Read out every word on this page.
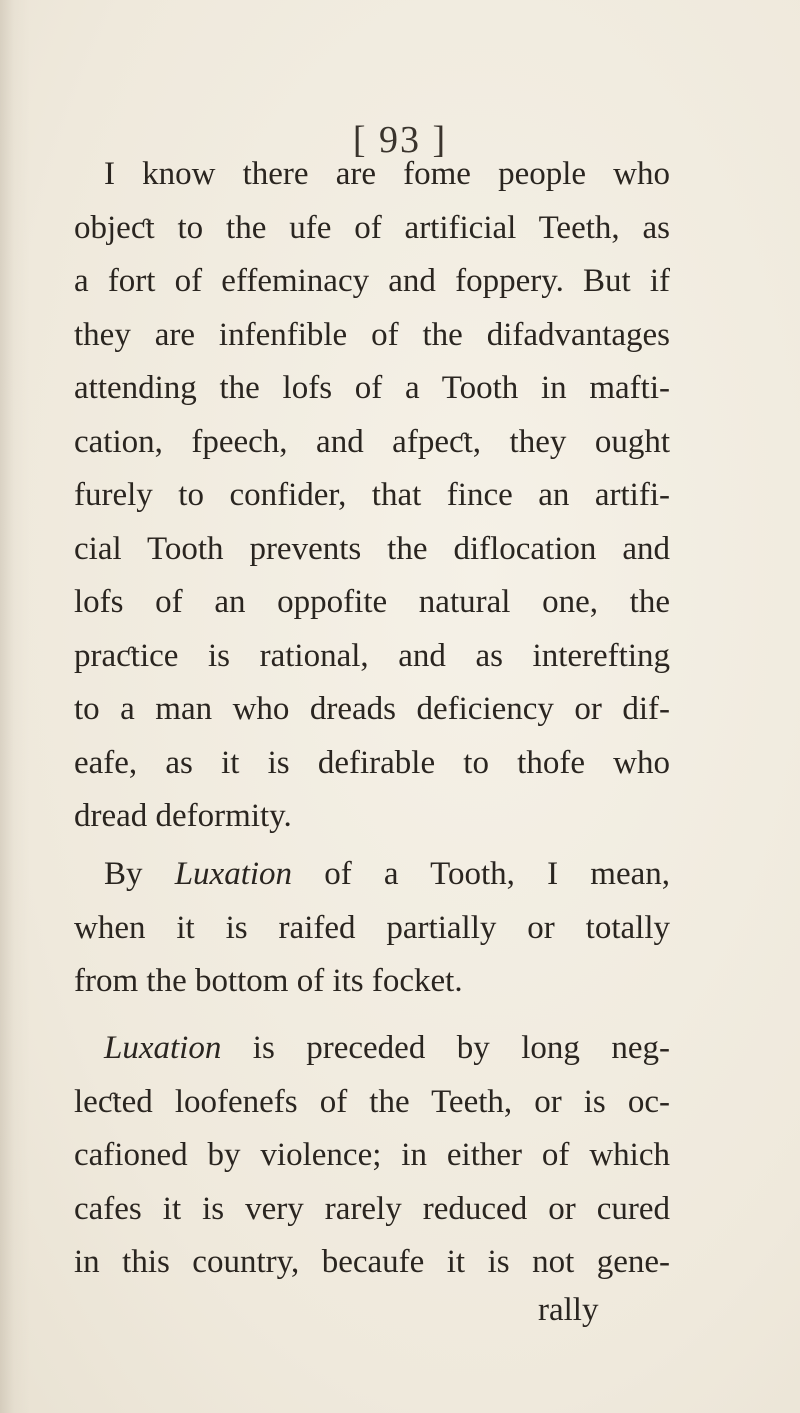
[ 93 ]
I know there are fome people who
objeƈt to the ufe of artificial Teeth, as
a fort of effeminacy and foppery. But if
they are infenfible of the difadvantages
attending the lofs of a Tooth in mafti-
cation, fpeech, and afpeƈt, they ought
furely to confider, that fince an artifi-
cial Tooth prevents the diflocation and
lofs of an oppofite natural one, the
praƈtice is rational, and as interefting
to a man who dreads deficiency or dif-
eafe, as it is defirable to thofe who
dread deformity.
By Luxation of a Tooth, I mean,
when it is raifed partially or totally
from the bottom of its focket.
Luxation is preceded by long neg-
leƈted loofenefs of the Teeth, or is oc-
cafioned by violence; in either of which
cafes it is very rarely reduced or cured
in this country, becaufe it is not gene-
rally
